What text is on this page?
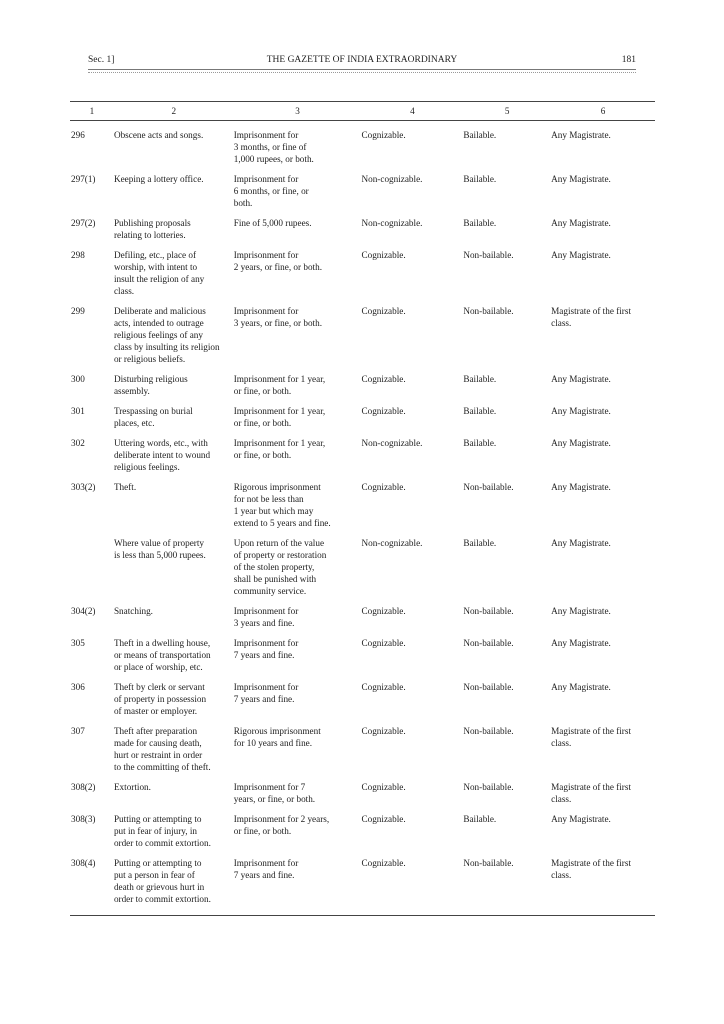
Sec. 1]	THE GAZETTE OF INDIA EXTRAORDINARY	181
1	2	3	4	5	6

296	Obscene acts and songs.	Imprisonment for
3 months, or fine of
1,000 rupees, or both.	Cognizable.	Bailable.	Any Magistrate.

297(1)	Keeping a lottery office.	Imprisonment for
6 months, or fine, or
both.	Non-cognizable.	Bailable.	Any Magistrate.

297(2)	Publishing proposals
relating to lotteries.	Fine of 5,000 rupees.	Non-cognizable.	Bailable.	Any Magistrate.

298	Defiling, etc., place of
worship, with intent to
insult the religion of any
class.	Imprisonment for
2 years, or fine, or both.	Cognizable.	Non-bailable.	Any Magistrate.

299	Deliberate and malicious
acts, intended to outrage
religious feelings of any
class by insulting its religion
or religious beliefs.	Imprisonment for
3 years, or fine, or both.	Cognizable.	Non-bailable.	Magistrate of the first
class.

300	Disturbing religious
assembly.	Imprisonment for 1 year,
or fine, or both.	Cognizable.	Bailable.	Any Magistrate.

301	Trespassing on burial
places, etc.	Imprisonment for 1 year,
or fine, or both.	Cognizable.	Bailable.	Any Magistrate.

302	Uttering words, etc., with
deliberate intent to wound
religious feelings.	Imprisonment for 1 year,
or fine, or both.	Non-cognizable.	Bailable.	Any Magistrate.

303(2)	Theft.	Rigorous imprisonment
for not be less than
1 year but which may
extend to 5 years and fine.	Cognizable.	Non-bailable.	Any Magistrate.

	Where value of property
is less than 5,000 rupees.	Upon return of the value
of property or restoration
of the stolen property,
shall be punished with
community service.	Non-cognizable.	Bailable.	Any Magistrate.

304(2)	Snatching.	Imprisonment for
3 years and fine.	Cognizable.	Non-bailable.	Any Magistrate.

305	Theft in a dwelling house,
or means of transportation
or place of worship, etc.	Imprisonment for
7 years and fine.	Cognizable.	Non-bailable.	Any Magistrate.

306	Theft by clerk or servant
of property in possession
of master or employer.	Imprisonment for
7 years and fine.	Cognizable.	Non-bailable.	Any Magistrate.

307	Theft after preparation
made for causing death,
hurt or restraint in order
to the committing of theft.	Rigorous imprisonment
for 10 years and fine.	Cognizable.	Non-bailable.	Magistrate of the first
class.

308(2)	Extortion.	Imprisonment for 7
years, or fine, or both.	Cognizable.	Non-bailable.	Magistrate of the first
class.

308(3)	Putting or attempting to
put in fear of injury, in
order to commit extortion.	Imprisonment for 2 years,
or fine, or both.	Cognizable.	Bailable.	Any Magistrate.

308(4)	Putting or attempting to
put a person in fear of
death or grievous hurt in
order to commit extortion.	Imprisonment for
7 years and fine.	Cognizable.	Non-bailable.	Magistrate of the first
class.
